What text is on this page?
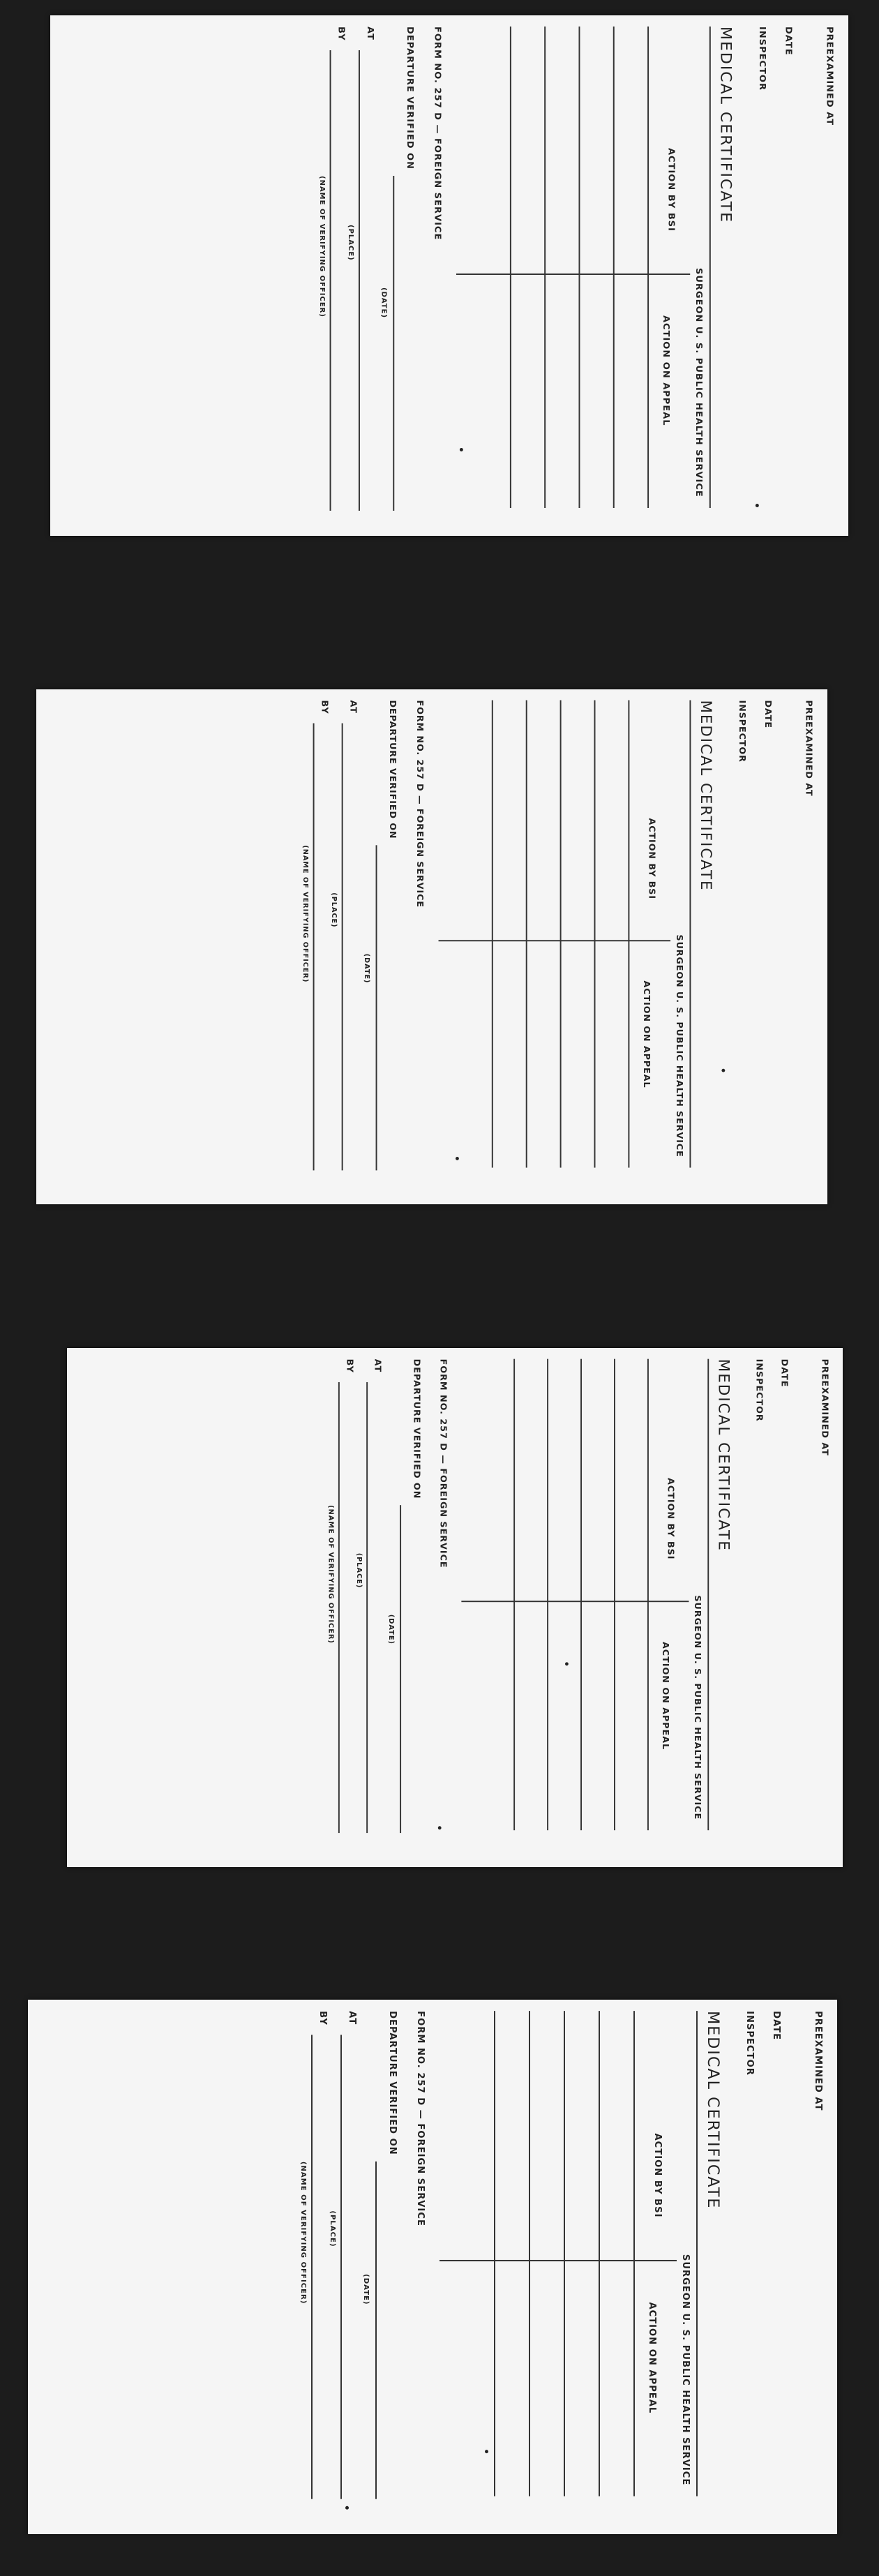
PREEXAMINED AT
DATE
INSPECTOR
MEDICAL CERTIFICATE
SURGEON U. S. PUBLIC HEALTH SERVICE
ACTION BY BSI
ACTION ON APPEAL
FORM NO. 257 D — FOREIGN SERVICE
DEPARTURE VERIFIED ON
(DATE)
AT
(PLACE)
BY
(NAME OF VERIFYING OFFICER)
PREEXAMINED AT
DATE
INSPECTOR
MEDICAL CERTIFICATE
SURGEON U. S. PUBLIC HEALTH SERVICE
ACTION BY BSI
ACTION ON APPEAL
FORM NO. 257 D — FOREIGN SERVICE
DEPARTURE VERIFIED ON
(DATE)
AT
(PLACE)
BY
(NAME OF VERIFYING OFFICER)
PREEXAMINED AT
DATE
INSPECTOR
MEDICAL CERTIFICATE
SURGEON U. S. PUBLIC HEALTH SERVICE
ACTION BY BSI
ACTION ON APPEAL
FORM NO. 257 D — FOREIGN SERVICE
DEPARTURE VERIFIED ON
(DATE)
AT
(PLACE)
BY
(NAME OF VERIFYING OFFICER)
PREEXAMINED AT
DATE
INSPECTOR
MEDICAL CERTIFICATE
SURGEON U. S. PUBLIC HEALTH SERVICE
ACTION BY BSI
ACTION ON APPEAL
FORM NO. 257 D — FOREIGN SERVICE
DEPARTURE VERIFIED ON
(DATE)
AT
(PLACE)
BY
(NAME OF VERIFYING OFFICER)
